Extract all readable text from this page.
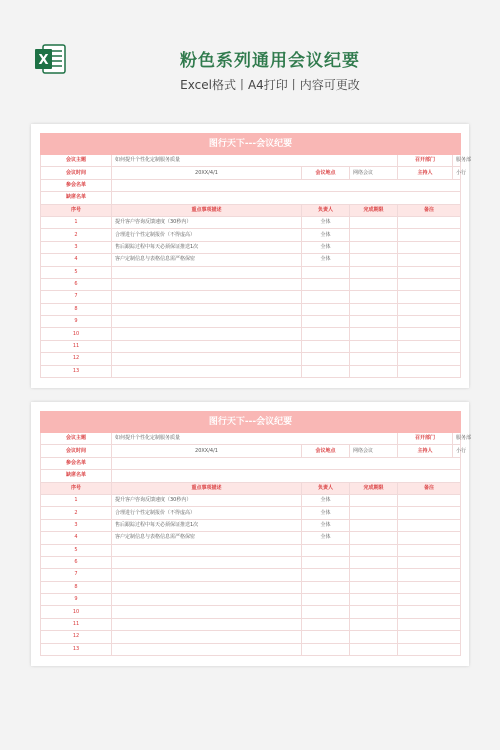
X	粉色系列通用会议纪要
Excel格式丨A4打印丨内容可更改
图行天下---会议纪要					
会议主题	如何提升个性化定制服务质量			召开部门	服务部
会议时间	20XX/4/1	会议地点	网络会议	主持人	小行
参会名单					
缺席名单					
序号	重点事项描述	负责人	完成期限	备注	
1	提升客户咨询反馈速度（30秒内）	全体			
2	合理进行个性定制报价（不得虚高）	全体			
3	售后跟踪过程中每天必须保证推送1次	全体			
4	客户定制信息与表格信息需严格保密	全体			
5					
6					
7					
8					
9					
10					
11					
12					
13					
图行天下---会议纪要					
会议主题	如何提升个性化定制服务质量			召开部门	服务部
会议时间	20XX/4/1	会议地点	网络会议	主持人	小行
参会名单					
缺席名单					
序号	重点事项描述	负责人	完成期限	备注	
1	提升客户咨询反馈速度（30秒内）	全体			
2	合理进行个性定制报价（不得虚高）	全体			
3	售后跟踪过程中每天必须保证推送1次	全体			
4	客户定制信息与表格信息需严格保密	全体			
5					
6					
7					
8					
9					
10					
11					
12					
13					
